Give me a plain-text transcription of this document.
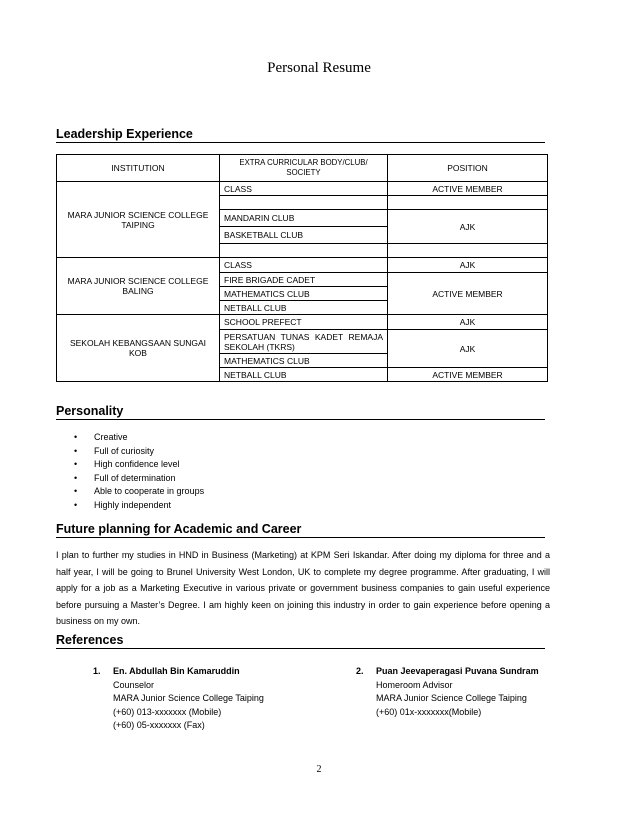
Personal Resume
Leadership Experience
INSTITUTION	EXTRA CURRICULAR BODY/CLUB/ SOCIETY	POSITION
MARA JUNIOR SCIENCE COLLEGE TAIPING	CLASS	ACTIVE MEMBER

	MANDARIN CLUB	AJK
	BASKETBALL CLUB	

MARA JUNIOR SCIENCE COLLEGE BALING	CLASS	AJK
	FIRE BRIGADE CADET	ACTIVE MEMBER
	MATHEMATICS CLUB	
	NETBALL CLUB	
SEKOLAH KEBANGSAAN SUNGAI KOB	SCHOOL PREFECT	AJK
	PERSATUAN TUNAS KADET REMAJA SEKOLAH (TKRS)	AJK
	MATHEMATICS CLUB	
	NETBALL CLUB	ACTIVE MEMBER
Personality
• Creative
• Full of curiosity
• High confidence level
• Full of determination
• Able to cooperate in groups
• Highly independent
Future planning for Academic and Career

I plan to further my studies in HND in Business (Marketing) at KPM Seri Iskandar. After doing my diploma for three and a half year, I will be going to Brunel University West London, UK to complete my degree programme. After graduating, I will apply for a job as a Marketing Executive in various private or government business companies to gain useful experience before pursuing a Master’s Degree. I am highly keen on joining this industry in order to gain experience before opening a business on my own.

References
1. En. Abdullah Bin Kamaruddin
Counselor
MARA Junior Science College Taiping
(+60) 013-xxxxxxx (Mobile)
(+60) 05-xxxxxxx (Fax)
2. Puan Jeevaperagasi Puvana Sundram
Homeroom Advisor
MARA Junior Science College Taiping
(+60) 01x-xxxxxxx(Mobile)
2
